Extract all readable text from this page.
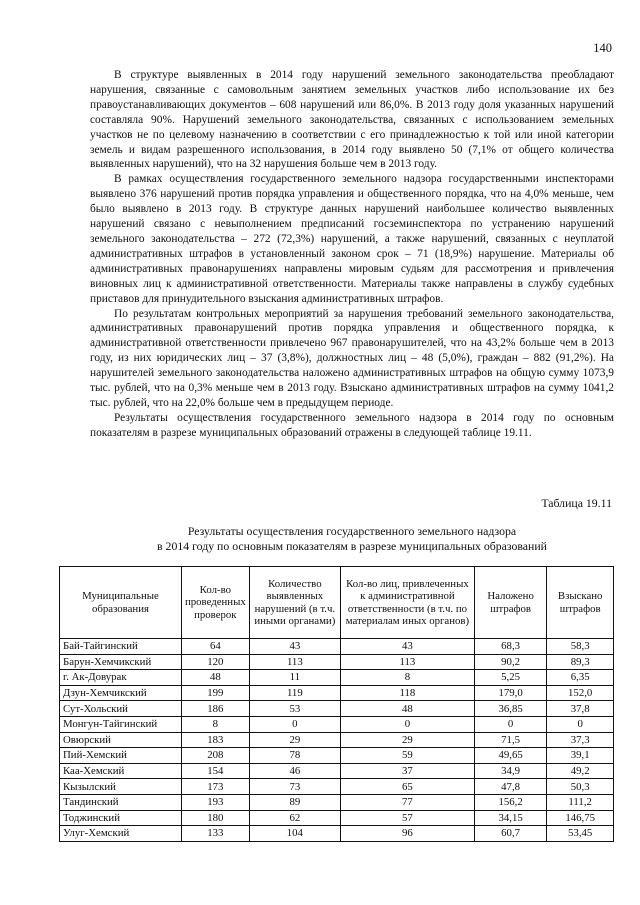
140

В структуре выявленных в 2014 году нарушений земельного законодательства преобладают нарушения, связанные с самовольным занятием земельных участков либо использование их без правоустанавливающих документов – 608 нарушений или 86,0%. В 2013 году доля указанных нарушений составляла 90%. Нарушений земельного законодательства, связанных с использованием земельных участков не по целевому назначению в соответствии с его принадлежностью к той или иной категории земель и видам разрешенного использования, в 2014 году выявлено 50 (7,1% от общего количества выявленных нарушений), что на 32 нарушения больше чем в 2013 году.

В рамках осуществления государственного земельного надзора государственными инспекторами выявлено 376 нарушений против порядка управления и общественного порядка, что на 4,0% меньше, чем было выявлено в 2013 году. В структуре данных нарушений наибольшее количество выявленных нарушений связано с невыполнением предписаний госземинспектора по устранению нарушений земельного законодательства – 272 (72,3%) нарушений, а также нарушений, связанных с неуплатой административных штрафов в установленный законом срок – 71 (18,9%) нарушение. Материалы об административных правонарушениях направлены мировым судьям для рассмотрения и привлечения виновных лиц к административной ответственности. Материалы также направлены в службу судебных приставов для принудительного взыскания административных штрафов.

По результатам контрольных мероприятий за нарушения требований земельного законодательства, административных правонарушений против порядка управления и общественного порядка, к административной ответственности привлечено 967 правонарушителей, что на 43,2% больше чем в 2013 году, из них юридических лиц – 37 (3,8%), должностных лиц – 48 (5,0%), граждан – 882 (91,2%). На нарушителей земельного законодательства наложено административных штрафов на общую сумму 1073,9 тыс. рублей, что на 0,3% меньше чем в 2013 году. Взыскано административных штрафов на сумму 1041,2 тыс. рублей, что на 22,0% больше чем в предыдущем периоде.

Результаты осуществления государственного земельного надзора в 2014 году по основным показателям в разрезе муниципальных образований отражены в следующей таблице 19.11.

Таблица 19.11
Результаты осуществления государственного земельного надзора
в 2014 году по основным показателям в разрезе муниципальных образований
Муниципальные образования	Кол-во проведенных проверок	Количество выявленных нарушений (в т.ч. иными органами)	Кол-во лиц, привлеченных к административной ответственности (в т.ч. по материалам иных органов)	Наложено штрафов	Взыскано штрафов
Бай-Тайгинский	64	43	43	68,3	58,3
Барун-Хемчикский	120	113	113	90,2	89,3
г. Ак-Довурак	48	11	8	5,25	6,35
Дзун-Хемчикский	199	119	118	179,0	152,0
Сут-Хольский	186	53	48	36,85	37,8
Монгун-Тайгинский	8	0	0	0	0
Овюрский	183	29	29	71,5	37,3
Пий-Хемский	208	78	59	49,65	39,1
Каа-Хемский	154	46	37	34,9	49,2
Кызылский	173	73	65	47,8	50,3
Тандинский	193	89	77	156,2	111,2
Тоджинский	180	62	57	34,15	146,75
Улуг-Хемский	133	104	96	60,7	53,45
